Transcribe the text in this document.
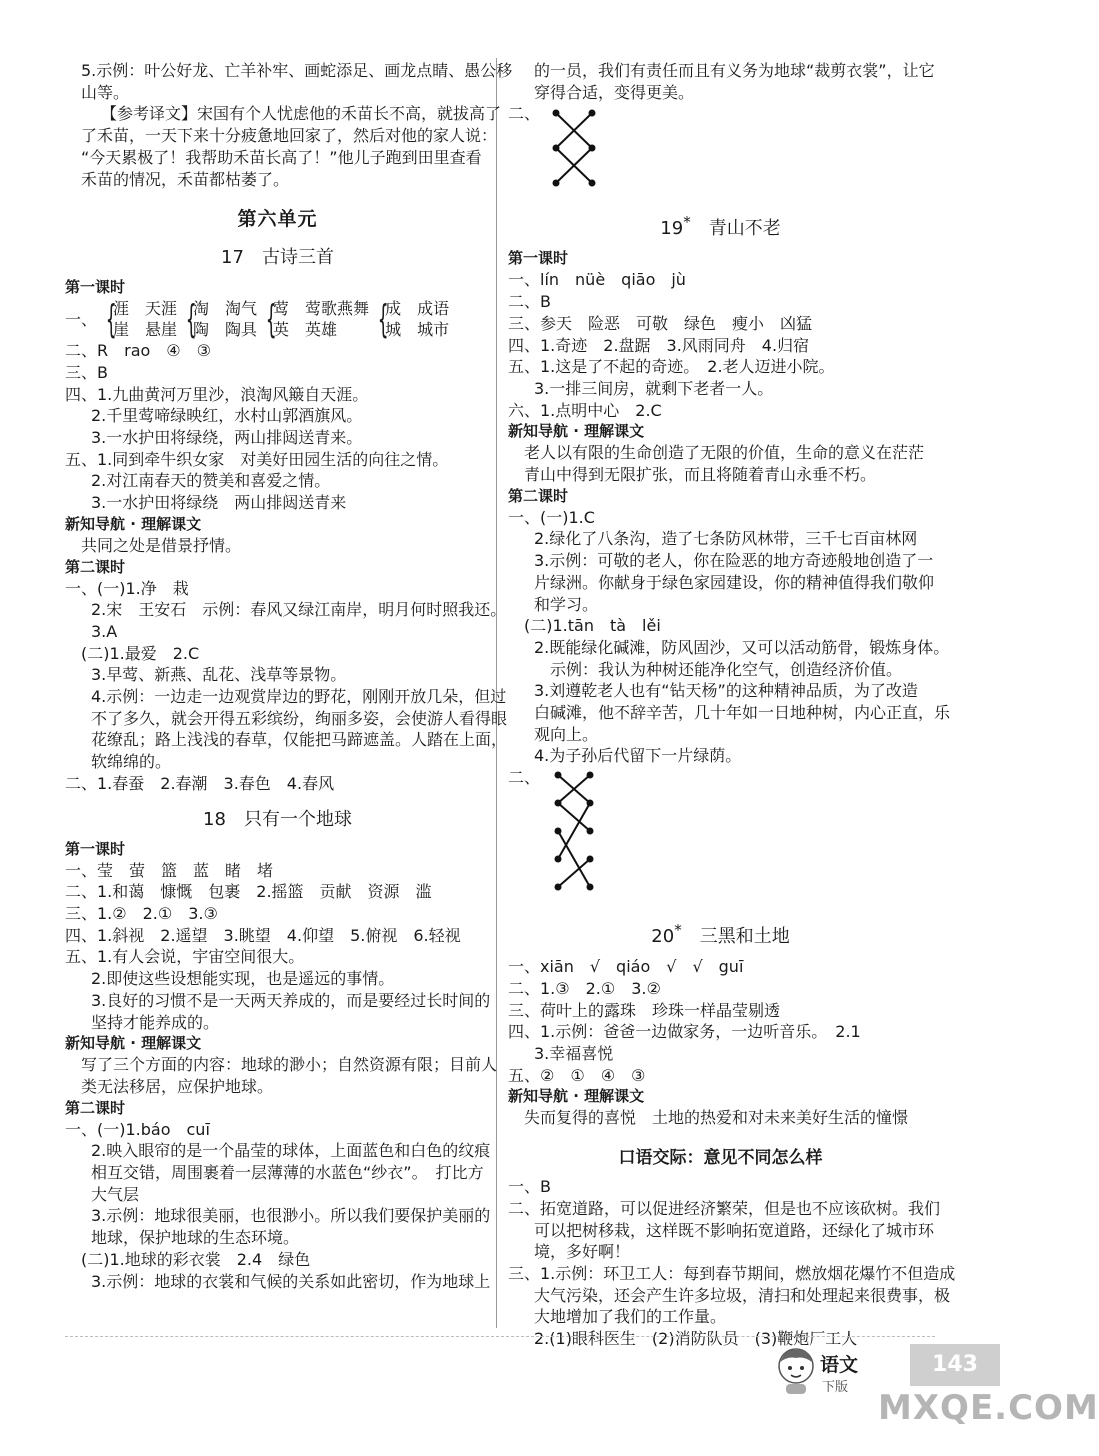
5.示例：叶公好龙、亡羊补牢、画蛇添足、画龙点睛、愚公移
山等。
【参考译文】宋国有个人忧虑他的禾苗长不高，就拔高了
了禾苗，一天下来十分疲惫地回家了，然后对他的家人说：
“今天累极了！我帮助禾苗长高了！”他儿子跑到田里查看
禾苗的情况，禾苗都枯萎了。
第六单元
17　 古诗三首
第一课时
一、 {
涯　天涯
崖　悬崖 {
淘　淘气
陶　陶具 {
莺　莺歌燕舞
英　英雄	{
成　成语
城　城市
二、R　rao　④　③
三、B
四、1.九曲黄河万里沙，浪淘风簸自天涯。
2.千里莺啼绿映红，水村山郭酒旗风。
3.一水护田将绿绕，两山排闼送青来。
五、1.同到牵牛织女家　对美好田园生活的向往之情。
2.对江南春天的赞美和喜爱之情。
3.一水护田将绿绕　两山排闼送青来
新知导航 · 理解课文
共同之处是借景抒情。
第二课时
一、(一)1.净　栽
2.宋　王安石　示例：春风又绿江南岸，明月何时照我还。
3.A
(二)1.最爱　2.C
3.早莺、新燕、乱花、浅草等景物。
4.示例：一边走一边观赏岸边的野花，刚刚开放几朵，但过
不了多久，就会开得五彩缤纷，绚丽多姿，会使游人看得眼
花缭乱；路上浅浅的春草，仅能把马蹄遮盖。人踏在上面，
软绵绵的。
二、1.春蚕　2.春潮　3.春色　4.春风
18　 只有一个地球
第一课时
一、莹　萤　篮　蓝　睹　堵
二、1.和蔼　慷慨　包裹　2.摇篮　贡献　资源　滥
三、1.②　2.①　3.③
四、1.斜视　2.遥望　3.眺望　4.仰望　5.俯视　6.轻视
五、1.有人会说，宇宙空间很大。
2.即使这些设想能实现，也是遥远的事情。
3.良好的习惯不是一天两天养成的，而是要经过长时间的
坚持才能养成的。
新知导航 · 理解课文
写了三个方面的内容：地球的渺小；自然资源有限；目前人
类无法移居，应保护地球。
第二课时
一、(一)1.báo　cuī
2.映入眼帘的是一个晶莹的球体，上面蓝色和白色的纹痕
相互交错，周围裹着一层薄薄的水蓝色“纱衣”。　打比方
大气层
3.示例：地球很美丽，也很渺小。所以我们要保护美丽的
地球，保护地球的生态环境。
(二)1.地球的彩衣裳　2.4　绿色
3.示例：地球的衣裳和气候的关系如此密切，作为地球上
的一员，我们有责任而且有义务为地球“裁剪衣裳”，让它
穿得合适，变得更美。
二、
19*　 青山不老
第一课时
一、lín　nüè　qiāo　jù
二、B
三、参天　险恶　可敬　绿色　瘦小　凶猛
四、1.奇迹　2.盘踞　3.风雨同舟　4.归宿
五、1.这是了不起的奇迹。　2.老人迈进小院。
3.一排三间房，就剩下老者一人。
六、1.点明中心　2.C
新知导航 · 理解课文
老人以有限的生命创造了无限的价值，生命的意义在茫茫
青山中得到无限扩张，而且将随着青山永垂不朽。
第二课时
一、(一)1.C
2.绿化了八条沟，造了七条防风林带，三千七百亩林网
3.示例：可敬的老人，你在险恶的地方奇迹般地创造了一
片绿洲。你献身于绿色家园建设，你的精神值得我们敬仰
和学习。
(二)1.tān　tà　lěi
2.既能绿化碱滩，防风固沙，又可以活动筋骨，锻炼身体。
示例：我认为种树还能净化空气，创造经济价值。
3.刘遵乾老人也有“钻天杨”的这种精神品质，为了改造
白碱滩，他不辞辛苦，几十年如一日地种树，内心正直，乐
观向上。
4.为子孙后代留下一片绿荫。
二、
20*　 三黑和土地
一、xiān　√　qiáo　√　√　guī
二、1.③　2.①　3.②
三、荷叶上的露珠　珍珠一样晶莹剔透
四、1.示例：爸爸一边做家务，一边听音乐。　2.1
3.幸福喜悦
五、②　①　④　③
新知导航 · 理解课文
失而复得的喜悦　土地的热爱和对未来美好生活的憧憬
口语交际：意见不同怎么样
一、B
二、拓宽道路，可以促进经济繁荣，但是也不应该砍树。我们
可以把树移栽，这样既不影响拓宽道路，还绿化了城市环
境，多好啊！
三、1.示例：环卫工人：每到春节期间，燃放烟花爆竹不但造成
大气污染，还会产生许多垃圾，清扫和处理起来很费事，极
大地增加了我们的工作量。
2.(1)眼科医生　(2)消防队员　(3)鞭炮厂工人
语文
下版
143
MXQE.COM
